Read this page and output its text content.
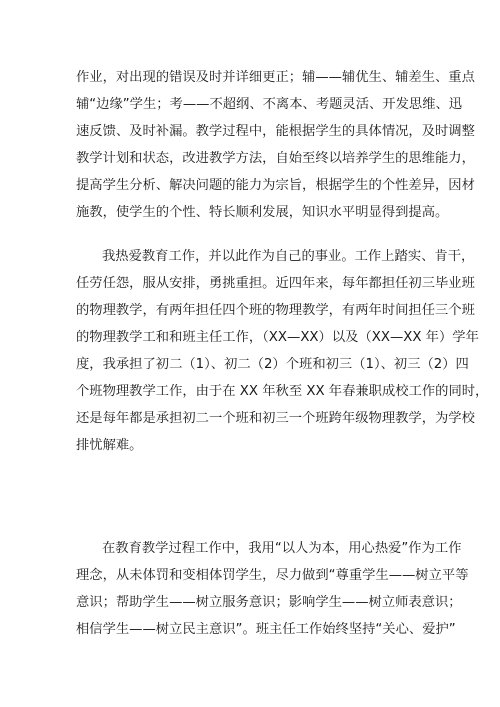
作业，对出现的错误及时并详细更正；辅——辅优生、辅差生、重点
辅“边缘”学生；考——不超纲、不离本、考题灵活、开发思维、迅
速反馈、及时补漏。教学过程中，能根据学生的具体情况，及时调整
教学计划和状态，改进教学方法，自始至终以培养学生的思维能力，
提高学生分析、解决问题的能力为宗旨，根据学生的个性差异，因材
施教，使学生的个性、特长顺利发展，知识水平明显得到提高。
我热爱教育工作，并以此作为自己的事业。工作上踏实、肯干，
任劳任怨，服从安排，勇挑重担。近四年来，每年都担任初三毕业班
的物理教学，有两年担任四个班的物理教学，有两年时间担任三个班
的物理教学工和和班主任工作，（XX—XX）以及（XX—XX 年）学年
度，我承担了初二（1）、初二（2）个班和初三（1）、初三（2）四
个班物理教学工作，由于在 XX 年秋至 XX 年春兼职成校工作的同时，
还是每年都是承担初二一个班和初三一个班跨年级物理教学，为学校
排忧解难。
在教育教学过程工作中，我用“以人为本，用心热爱”作为工作
理念，从未体罚和变相体罚学生，尽力做到“尊重学生——树立平等
意识；帮助学生——树立服务意识；影响学生——树立师表意识；
相信学生——树立民主意识”。班主任工作始终坚持“关心、爱护”
